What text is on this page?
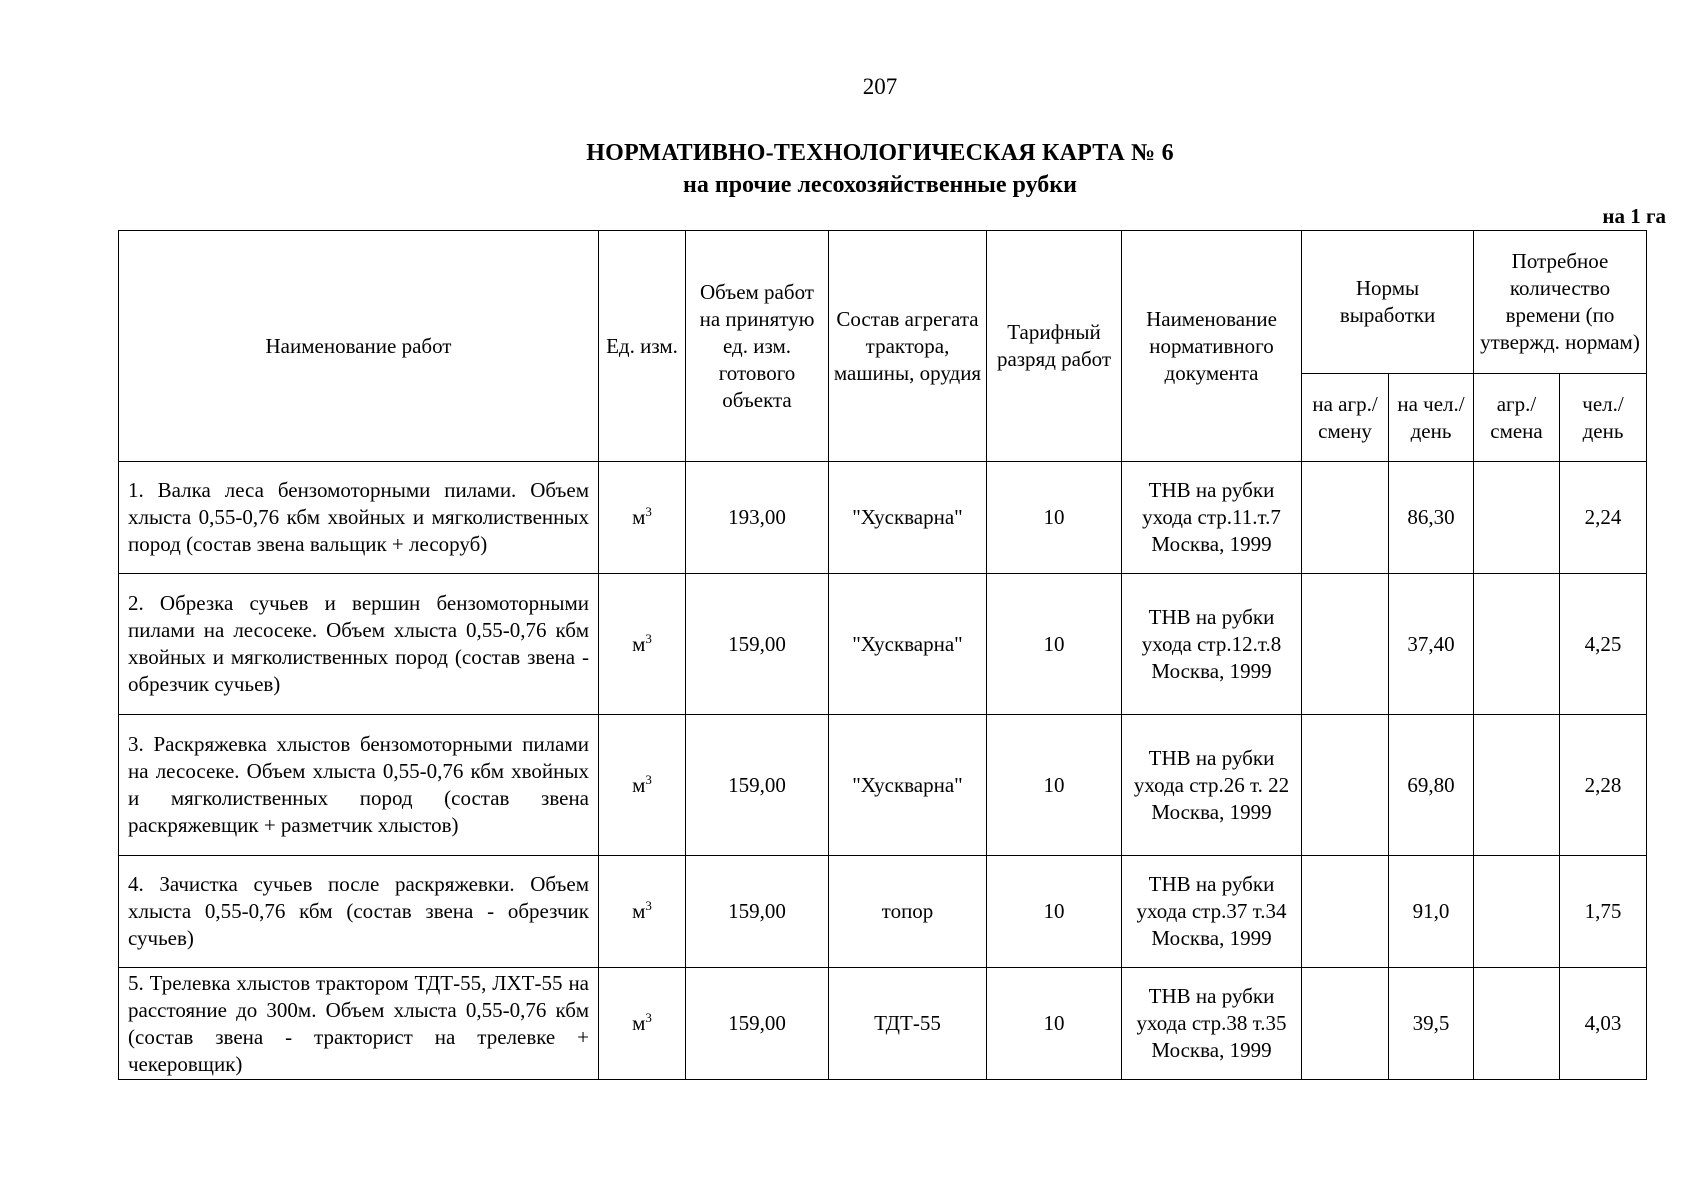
207
НОРМАТИВНО-ТЕХНОЛОГИЧЕСКАЯ КАРТА № 6
на прочие лесохозяйственные рубки
на 1 га
Наименование работ	Ед. изм.	Объем работ на принятую ед. изм. готового объекта	Состав агрегата трактора, машины, орудия	Тарифный разряд работ	Наименование нормативного документа	Нормы выработки		Потребное количество времени (по утвержд. нормам)	
						на агр./ смену	на чел./ день	агр./ смена	чел./ день
1. Валка леса бензомоторными пилами. Объем хлыста 0,55-0,76 кбм хвойных и мягколиственных пород (состав звена вальщик + лесоруб)	$м^3$	193,00	"Хускварна"	10	ТНВ на рубки ухода стр.11.т.7 Москва, 1999		86,30		2,24
2. Обрезка сучьев и вершин бензомоторными пилами на лесосеке. Объем хлыста 0,55-0,76 кбм хвойных и мягколиственных пород (состав звена - обрезчик сучьев)	$м^3$	159,00	"Хускварна"	10	ТНВ на рубки ухода стр.12.т.8 Москва, 1999		37,40		4,25
3. Раскряжевка хлыстов бензомоторными пилами на лесосеке. Объем хлыста 0,55-0,76 кбм хвойных и мягколиственных пород (состав звена раскряжевщик + разметчик хлыстов)	$м^3$	159,00	"Хускварна"	10	ТНВ на рубки ухода стр.26 т. 22 Москва, 1999		69,80		2,28
4. Зачистка сучьев после раскряжевки. Объем хлыста 0,55-0,76 кбм (состав звена - обрезчик сучьев)	$м^3$	159,00	топор	10	ТНВ на рубки ухода стр.37 т.34 Москва, 1999		91,0		1,75
5. Трелевка хлыстов трактором ТДТ-55, ЛХТ-55 на расстояние до 300м. Объем хлыста 0,55-0,76 кбм (состав звена - тракторист на трелевке + чекеровщик)	$м^3$	159,00	ТДТ-55	10	ТНВ на рубки ухода стр.38 т.35 Москва, 1999		39,5		4,03
